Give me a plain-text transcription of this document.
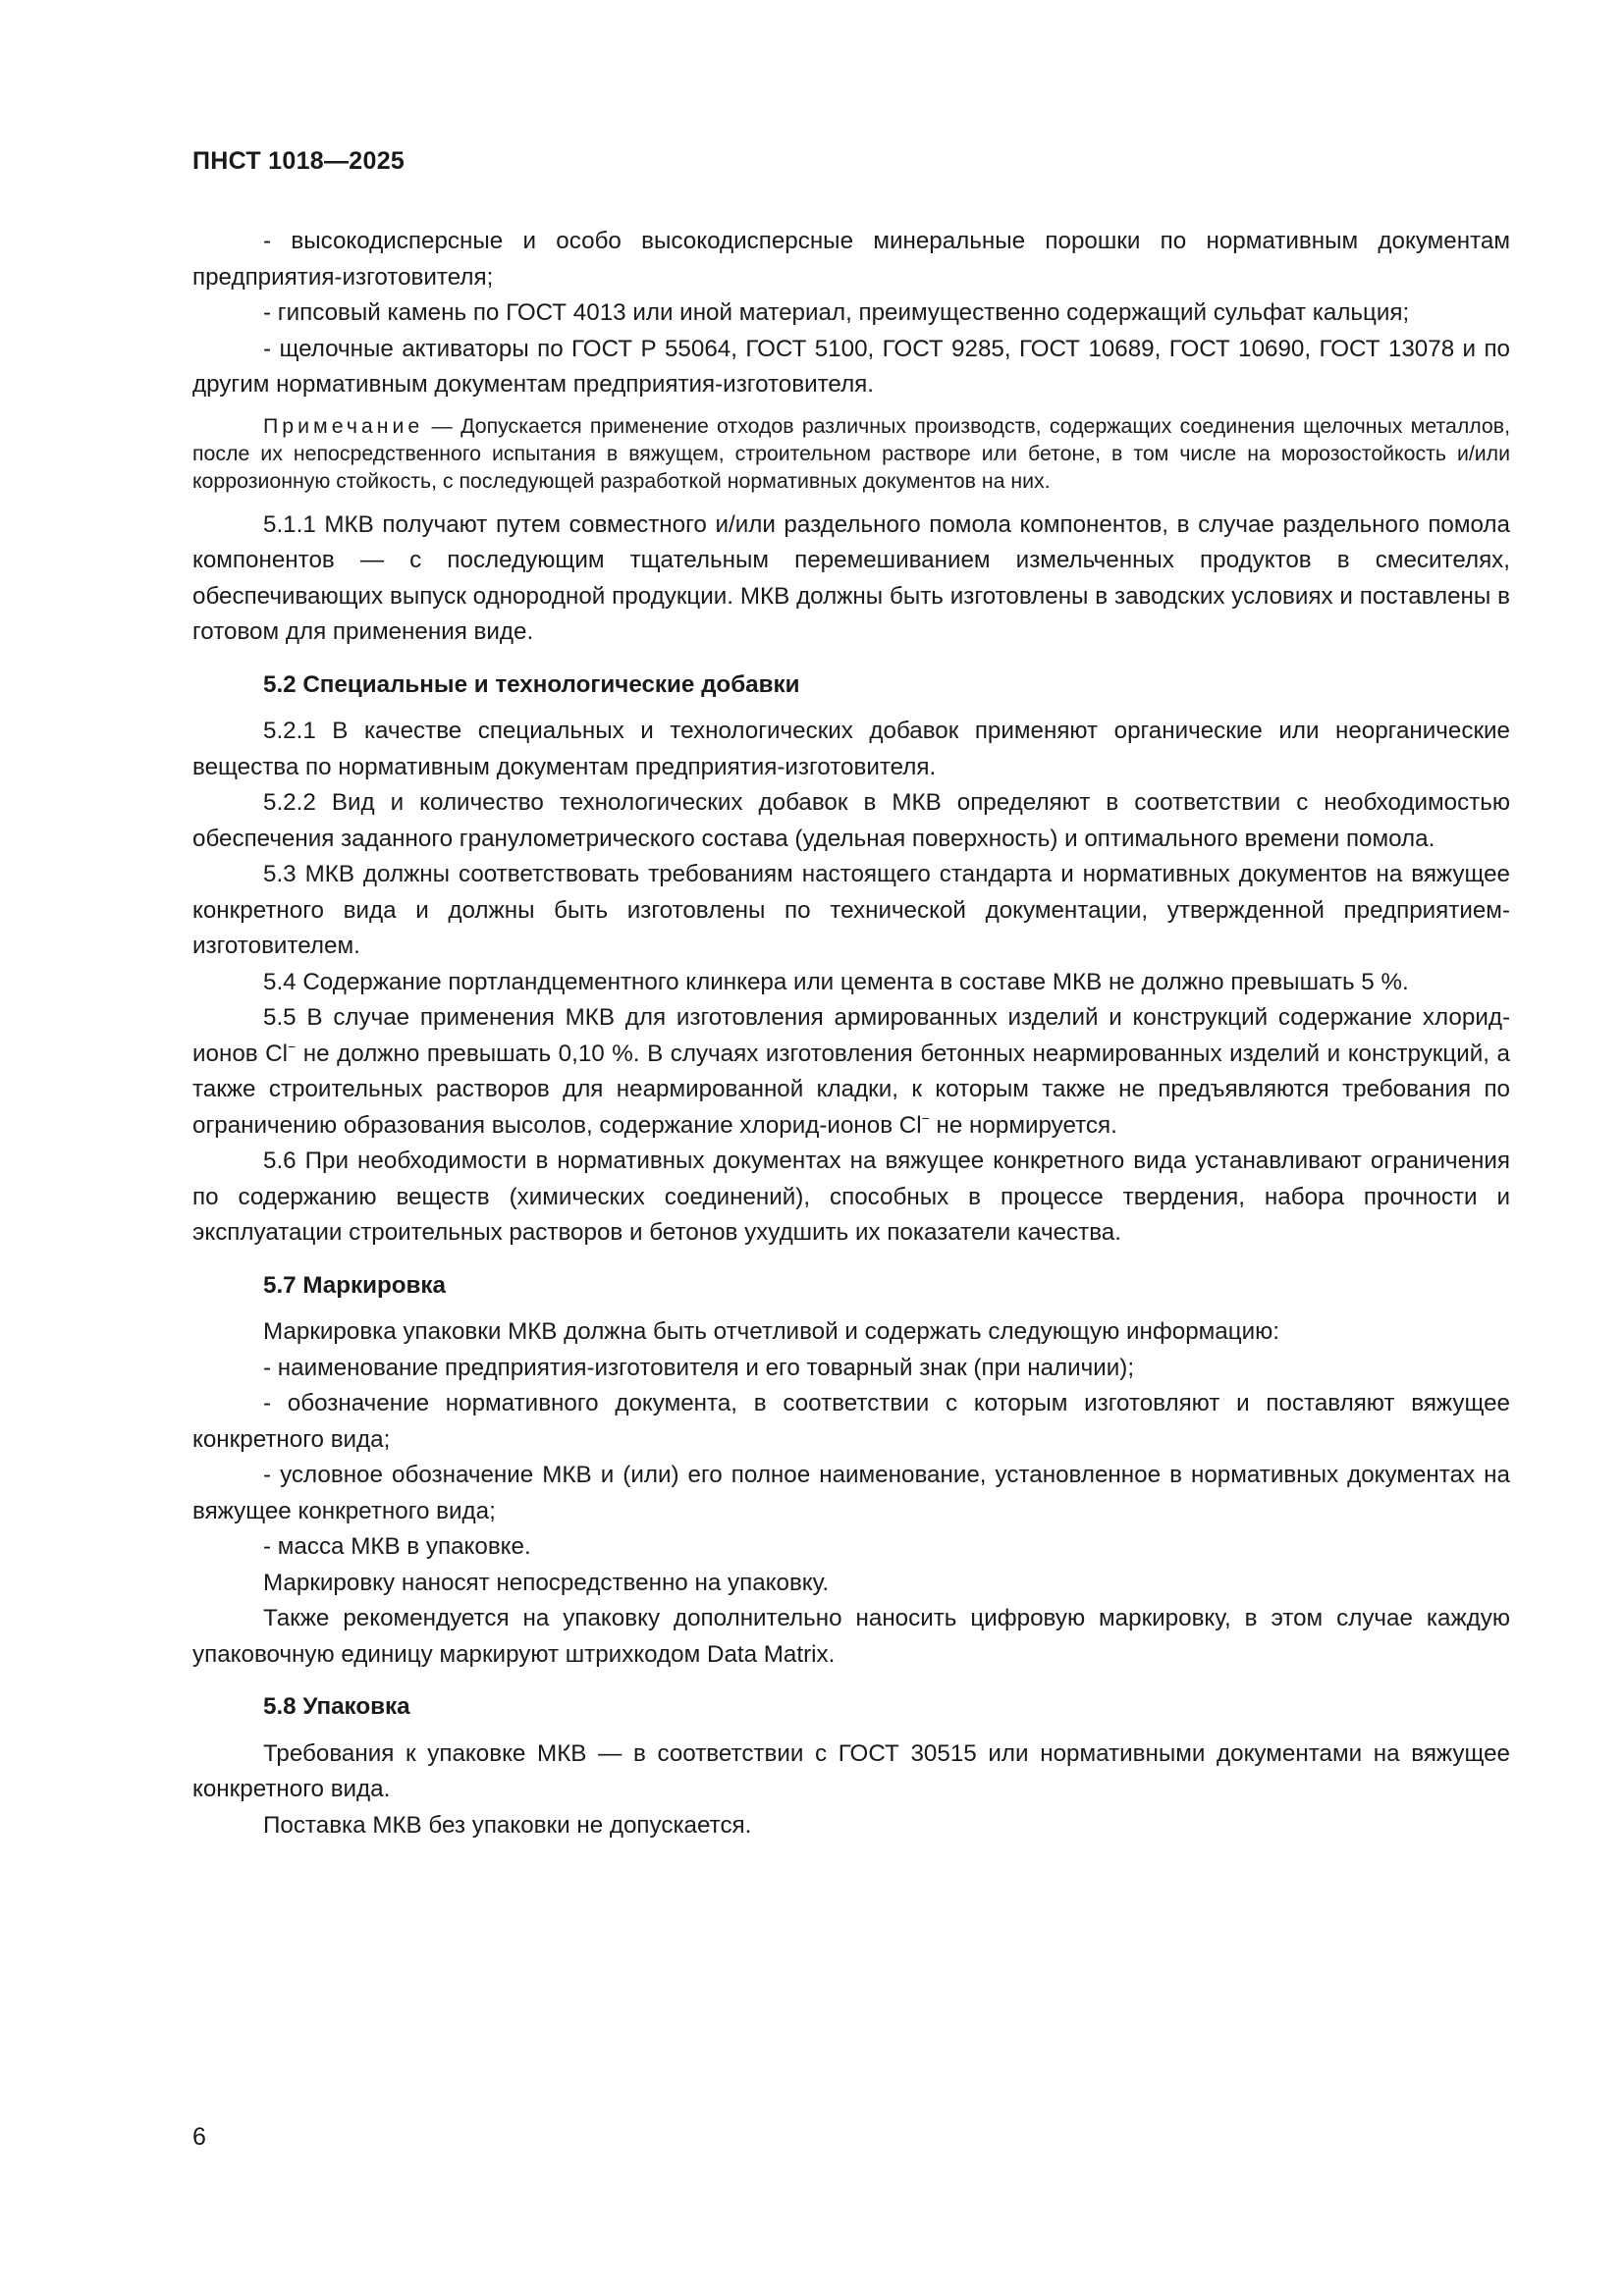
ПНСТ 1018—2025

- высокодисперсные и особо высокодисперсные минеральные порошки по нормативным документам предприятия-изготовителя;

- гипсовый камень по ГОСТ 4013 или иной материал, преимущественно содержащий сульфат кальция;

- щелочные активаторы по ГОСТ Р 55064, ГОСТ 5100, ГОСТ 9285, ГОСТ 10689, ГОСТ 10690, ГОСТ 13078 и по другим нормативным документам предприятия-изготовителя.

Примечание — Допускается применение отходов различных производств, содержащих соединения щелочных металлов, после их непосредственного испытания в вяжущем, строительном растворе или бетоне, в том числе на морозостойкость и/или коррозионную стойкость, с последующей разработкой нормативных документов на них.

5.1.1 МКВ получают путем совместного и/или раздельного помола компонентов, в случае раздельного помола компонентов — с последующим тщательным перемешиванием измельченных продуктов в смесителях, обеспечивающих выпуск однородной продукции. МКВ должны быть изготовлены в заводских условиях и поставлены в готовом для применения виде.

5.2 Специальные и технологические добавки

5.2.1 В качестве специальных и технологических добавок применяют органические или неорганические вещества по нормативным документам предприятия-изготовителя.

5.2.2 Вид и количество технологических добавок в МКВ определяют в соответствии с необходимостью обеспечения заданного гранулометрического состава (удельная поверхность) и оптимального времени помола.

5.3 МКВ должны соответствовать требованиям настоящего стандарта и нормативных документов на вяжущее конкретного вида и должны быть изготовлены по технической документации, утвержденной предприятием-изготовителем.

5.4 Содержание портландцементного клинкера или цемента в составе МКВ не должно превышать 5 %.

5.5 В случае применения МКВ для изготовления армированных изделий и конструкций содержание хлорид-ионов Cl− не должно превышать 0,10 %. В случаях изготовления бетонных неармированных изделий и конструкций, а также строительных растворов для неармированной кладки, к которым также не предъявляются требования по ограничению образования высолов, содержание хлорид-ионов Cl− не нормируется.

5.6 При необходимости в нормативных документах на вяжущее конкретного вида устанавливают ограничения по содержанию веществ (химических соединений), способных в процессе твердения, набора прочности и эксплуатации строительных растворов и бетонов ухудшить их показатели качества.

5.7 Маркировка

Маркировка упаковки МКВ должна быть отчетливой и содержать следующую информацию:

- наименование предприятия-изготовителя и его товарный знак (при наличии);

- обозначение нормативного документа, в соответствии с которым изготовляют и поставляют вяжущее конкретного вида;

- условное обозначение МКВ и (или) его полное наименование, установленное в нормативных документах на вяжущее конкретного вида;

- масса МКВ в упаковке.

Маркировку наносят непосредственно на упаковку.

Также рекомендуется на упаковку дополнительно наносить цифровую маркировку, в этом случае каждую упаковочную единицу маркируют штрихкодом Data Matrix.

5.8 Упаковка

Требования к упаковке МКВ — в соответствии с ГОСТ 30515 или нормативными документами на вяжущее конкретного вида.

Поставка МКВ без упаковки не допускается.

6
